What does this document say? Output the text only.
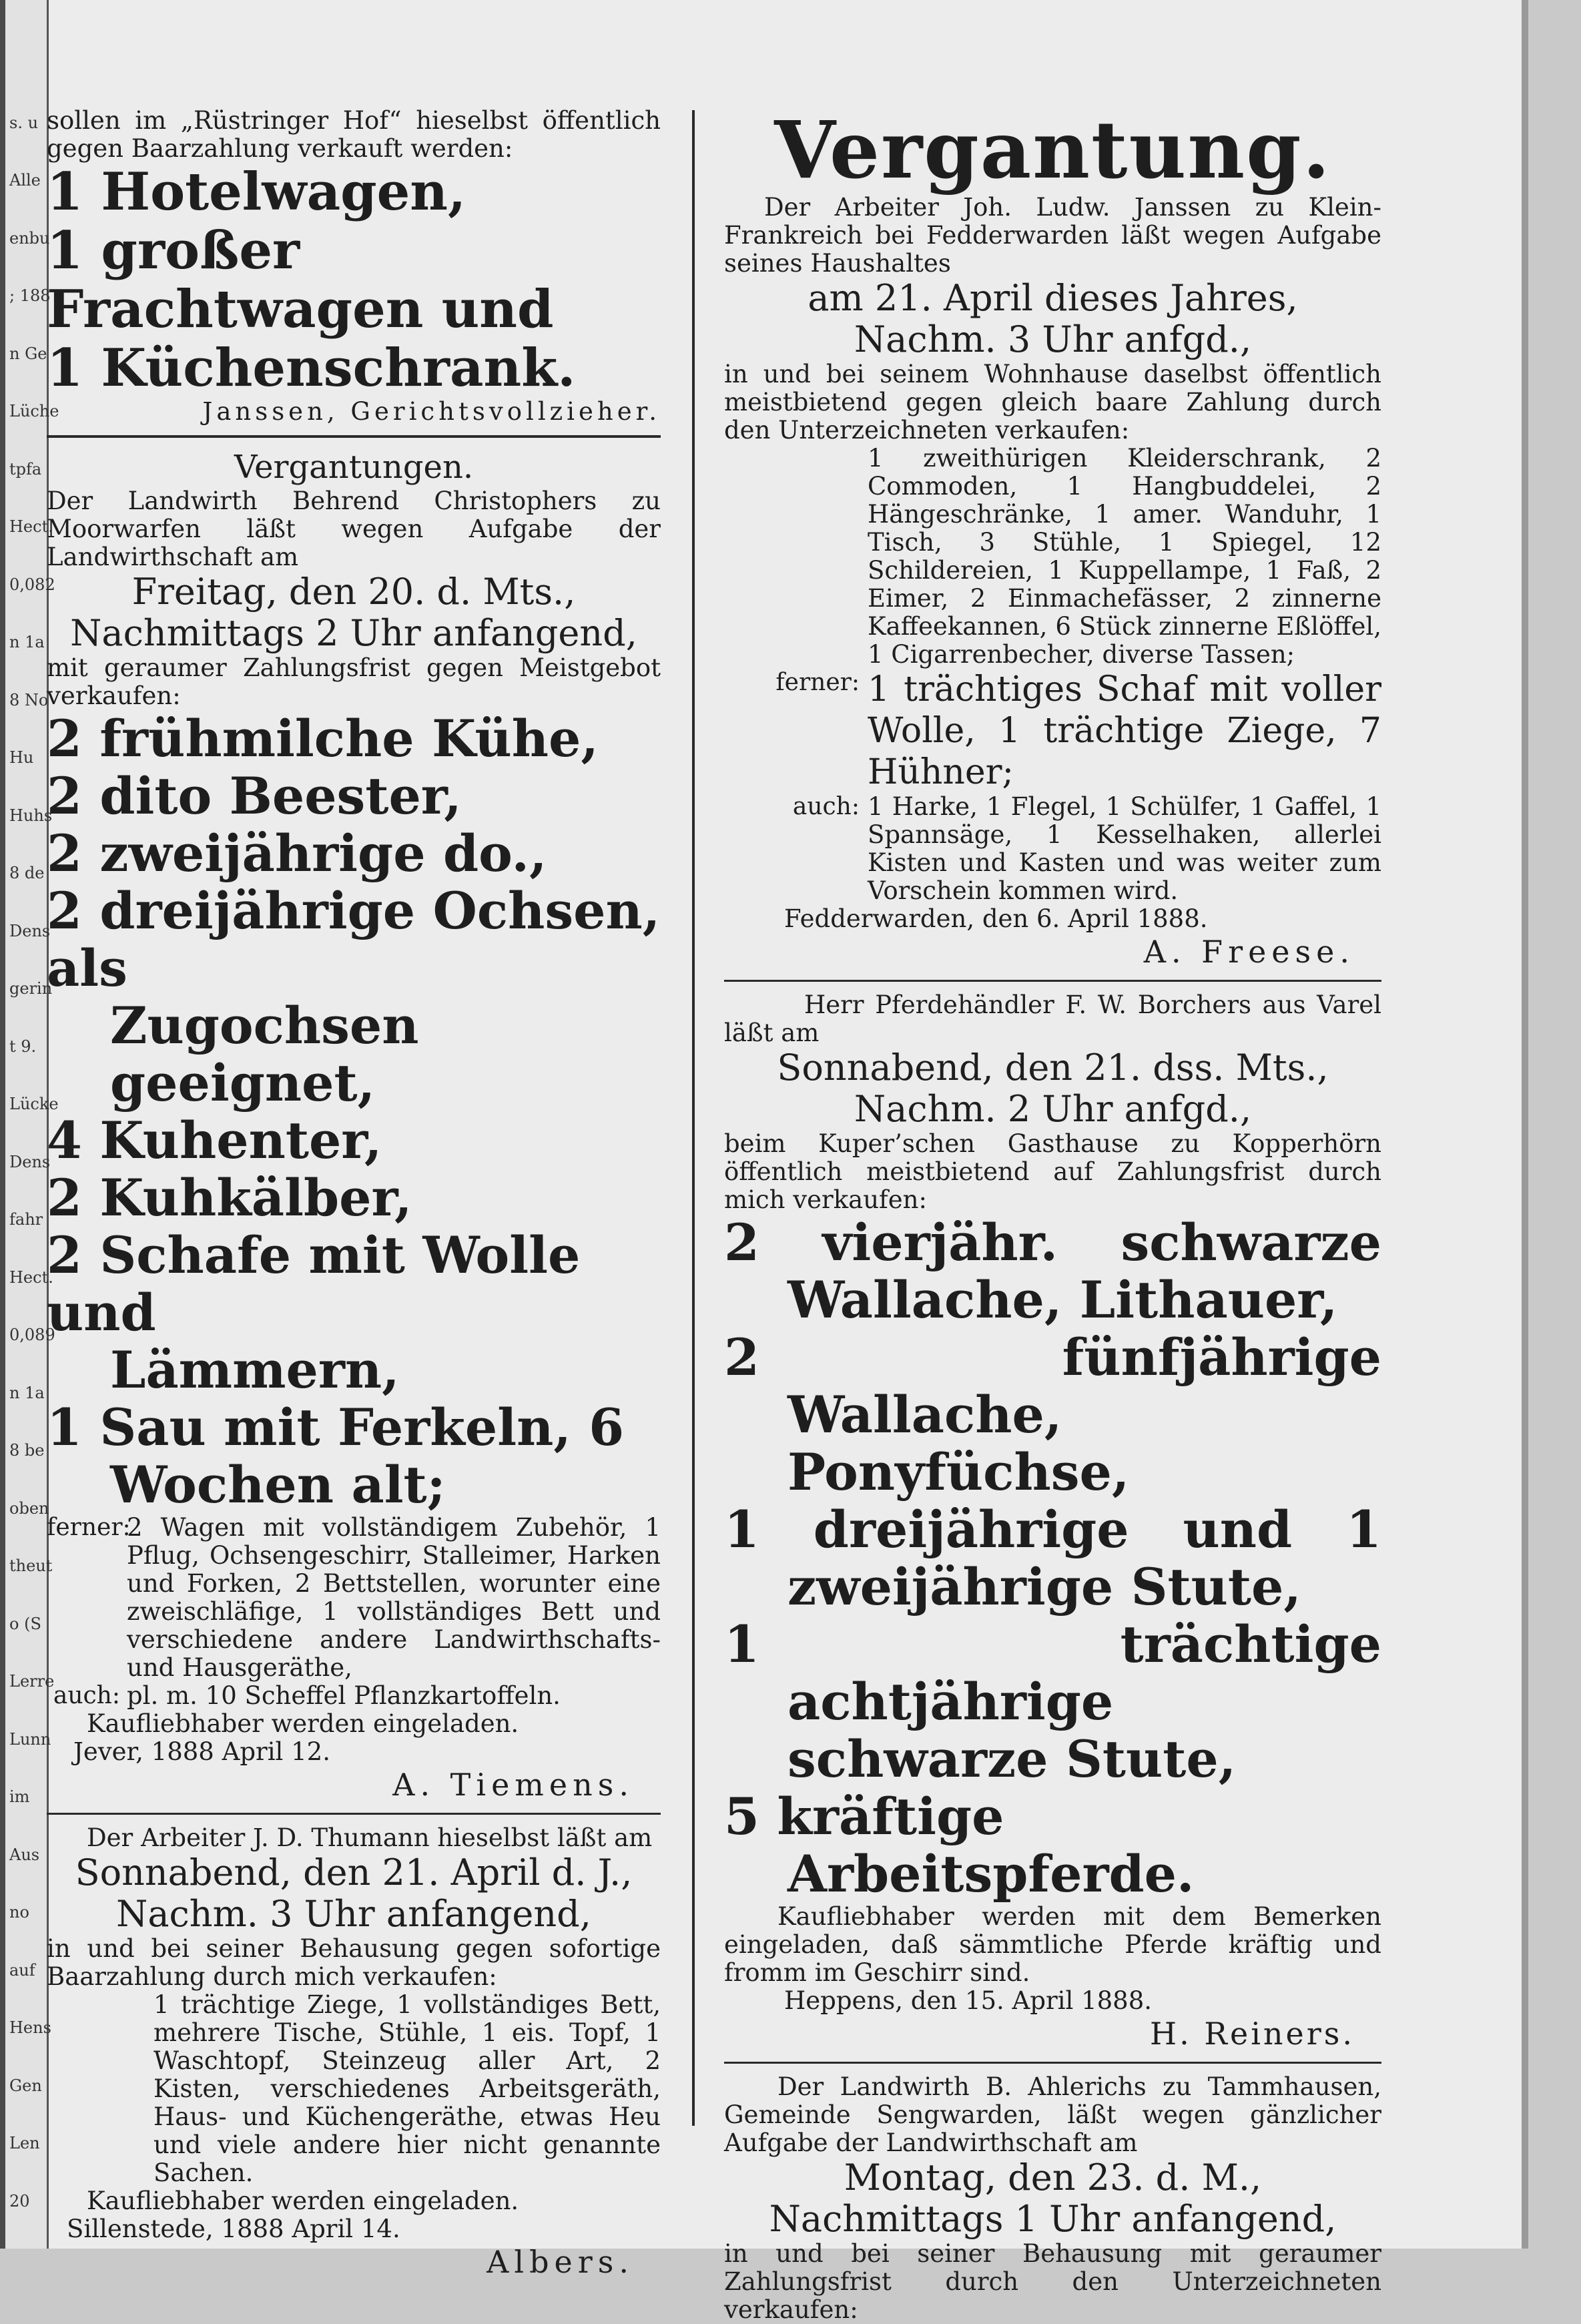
s. u
Alle
enbu
; 188
n Ge
Lüche
tpfa
Hect.
0,082
n 1a
8 No
Hu
Huhs
8 de
Dens
gerin
t 9.
Lücke
Dens
fahr
Hect.
0,089
n 1a
8 be
oben
theut
o (S
Lerre
Lunn
im
Aus
no
auf
Hens
Gen
Len
20

sollen im „Rüstringer Hof“ hieselbst öffentlich gegen Baarzahlung verkauft werden:

1 Hotelwagen,

1 großer Frachtwagen und

1 Küchenschrank.

Janssen, Gerichtsvollzieher.

Vergantungen.

Der Landwirth Behrend Christophers zu Moorwarfen läßt wegen Aufgabe der Landwirthschaft am

Freitag, den 20. d. Mts.,

Nachmittags 2 Uhr anfangend,

mit geraumer Zahlungsfrist gegen Meistgebot verkaufen:

2 frühmilche Kühe,

2 dito Beester,

2 zweijährige do.,

2 dreijährige Ochsen, als

Zugochsen geeignet,

4 Kuhenter,

2 Kuhkälber,

2 Schafe mit Wolle und

Lämmern,

1 Sau mit Ferkeln, 6

Wochen alt;

ferner:
2 Wagen mit vollständigem Zubehör, 1 Pflug, Ochsengeschirr, Stalleimer, Harken und Forken, 2 Bettstellen, worunter eine zweischläfige, 1 vollständiges Bett und verschiedene andere Landwirthschafts- und Hausgeräthe,
auch: pl. m. 10 Scheffel Pflanzkartoffeln.

Kaufliebhaber werden eingeladen.

Jever, 1888 April 12.

A. Tiemens.

Der Arbeiter J. D. Thumann hieselbst läßt am

Sonnabend, den 21. April d. J.,

Nachm. 3 Uhr anfangend,

in und bei seiner Behausung gegen sofortige Baarzahlung durch mich verkaufen:

1 trächtige Ziege, 1 vollständiges Bett, mehrere Tische, Stühle, 1 eis. Topf, 1 Waschtopf, Steinzeug aller Art, 2 Kisten, verschiedenes Arbeitsgeräth, Haus- und Küchengeräthe, etwas Heu und viele andere hier nicht genannte Sachen.

Kaufliebhaber werden eingeladen.

Sillenstede, 1888 April 14.

Albers.

Vergantung.

Der Arbeiter Joh. Ludw. Janssen zu Klein-Frankreich bei Fedderwarden läßt wegen Aufgabe seines Haushaltes

am 21. April dieses Jahres,

Nachm. 3 Uhr anfgd.,

in und bei seinem Wohnhause daselbst öffentlich meistbietend gegen gleich baare Zahlung durch den Unterzeichneten verkaufen:

1 zweithürigen Kleiderschrank, 2 Commoden, 1 Hangbuddelei, 2 Hängeschränke, 1 amer. Wanduhr, 1 Tisch, 3 Stühle, 1 Spiegel, 12 Schildereien, 1 Kuppellampe, 1 Faß, 2 Eimer, 2 Einmachefässer, 2 zinnerne Kaffeekannen, 6 Stück zinnerne Eßlöffel, 1 Cigarrenbecher, diverse Tassen;

ferner: 1 trächtiges Schaf mit voller Wolle, 1 trächtige Ziege, 7 Hühner;
auch: 1 Harke, 1 Flegel, 1 Schülfer, 1 Gaffel, 1 Spannsäge, 1 Kesselhaken, allerlei Kisten und Kasten und was weiter zum Vorschein kommen wird.

Fedderwarden, den 6. April 1888.

A. Freese.

Herr Pferdehändler F. W. Borchers aus Varel läßt am

Sonnabend, den 21. dss. Mts.,

Nachm. 2 Uhr anfgd.,

beim Kuper’schen Gasthause zu Kopperhörn öffentlich meistbietend auf Zahlungsfrist durch mich verkaufen:

2 vierjähr. schwarze Wallache, Lithauer,

2 fünfjährige Wallache, Ponyfüchse,

1 dreijährige und 1 zweijährige Stute,

1 trächtige achtjährige schwarze Stute,

5 kräftige Arbeitspferde.

Kaufliebhaber werden mit dem Bemerken eingeladen, daß sämmtliche Pferde kräftig und fromm im Geschirr sind.

Heppens, den 15. April 1888.

H. Reiners.

Der Landwirth B. Ahlerichs zu Tammhausen, Gemeinde Sengwarden, läßt wegen gänzlicher Aufgabe der Landwirthschaft am

Montag, den 23. d. M.,

Nachmittags 1 Uhr anfangend,

in und bei seiner Behausung mit geraumer Zahlungsfrist durch den Unterzeichneten verkaufen:
